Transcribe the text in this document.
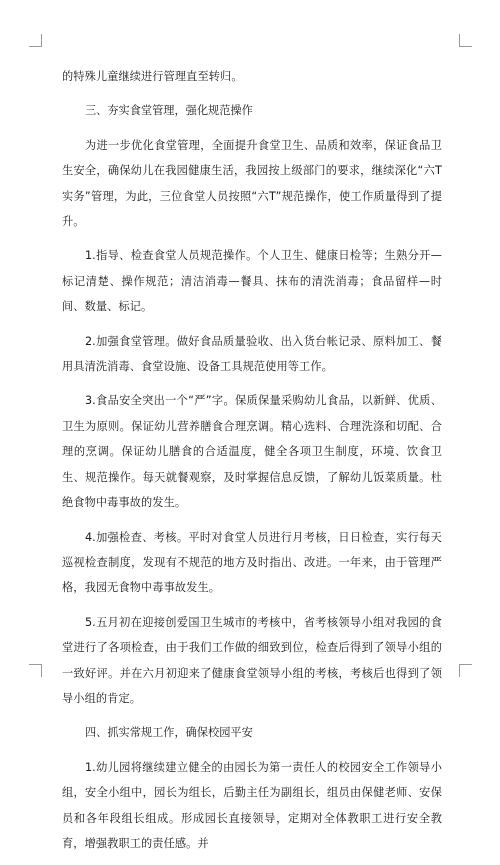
的特殊儿童继续进行管理直至转归。

三、夯实食堂管理，强化规范操作

为进一步优化食堂管理，全面提升食堂卫生、品质和效率，保证食品卫生安全，确保幼儿在我园健康生活，我园按上级部门的要求，继续深化“六T实务”管理，为此，三位食堂人员按照“六T”规范操作，使工作质量得到了提升。

1.指导、检查食堂人员规范操作。个人卫生、健康日检等；生熟分开—标记清楚、操作规范；清洁消毒—餐具、抹布的清洗消毒；食品留样—时间、数量、标记。

2.加强食堂管理。做好食品质量验收、出入货台帐记录、原料加工、餐用具清洗消毒、食堂设施、设备工具规范使用等工作。

3.食品安全突出一个“严”字。保质保量采购幼儿食品，以新鲜、优质、卫生为原则。保证幼儿营养膳食合理烹调。精心选料、合理洗涤和切配、合理的烹调。保证幼儿膳食的合适温度，健全各项卫生制度，环境、饮食卫生、规范操作。每天就餐观察，及时掌握信息反馈，了解幼儿饭菜质量。杜绝食物中毒事故的发生。

4.加强检查、考核。平时对食堂人员进行月考核，日日检查，实行每天巡视检查制度，发现有不规范的地方及时指出、改进。一年来，由于管理严格，我园无食物中毒事故发生。

5.五月初在迎接创爱国卫生城市的考核中，省考核领导小组对我园的食堂进行了各项检查，由于我们工作做的细致到位，检查后得到了领导小组的一致好评。并在六月初迎来了健康食堂领导小组的考核，考核后也得到了领导小组的肯定。

四、抓实常规工作，确保校园平安

1.幼儿园将继续建立健全的由园长为第一责任人的校园安全工作领导小组，安全小组中，园长为组长，后勤主任为副组长，组员由保健老师、安保员和各年段组长组成。形成园长直接领导，定期对全体教职工进行安全教育，增强教职工的责任感。并
